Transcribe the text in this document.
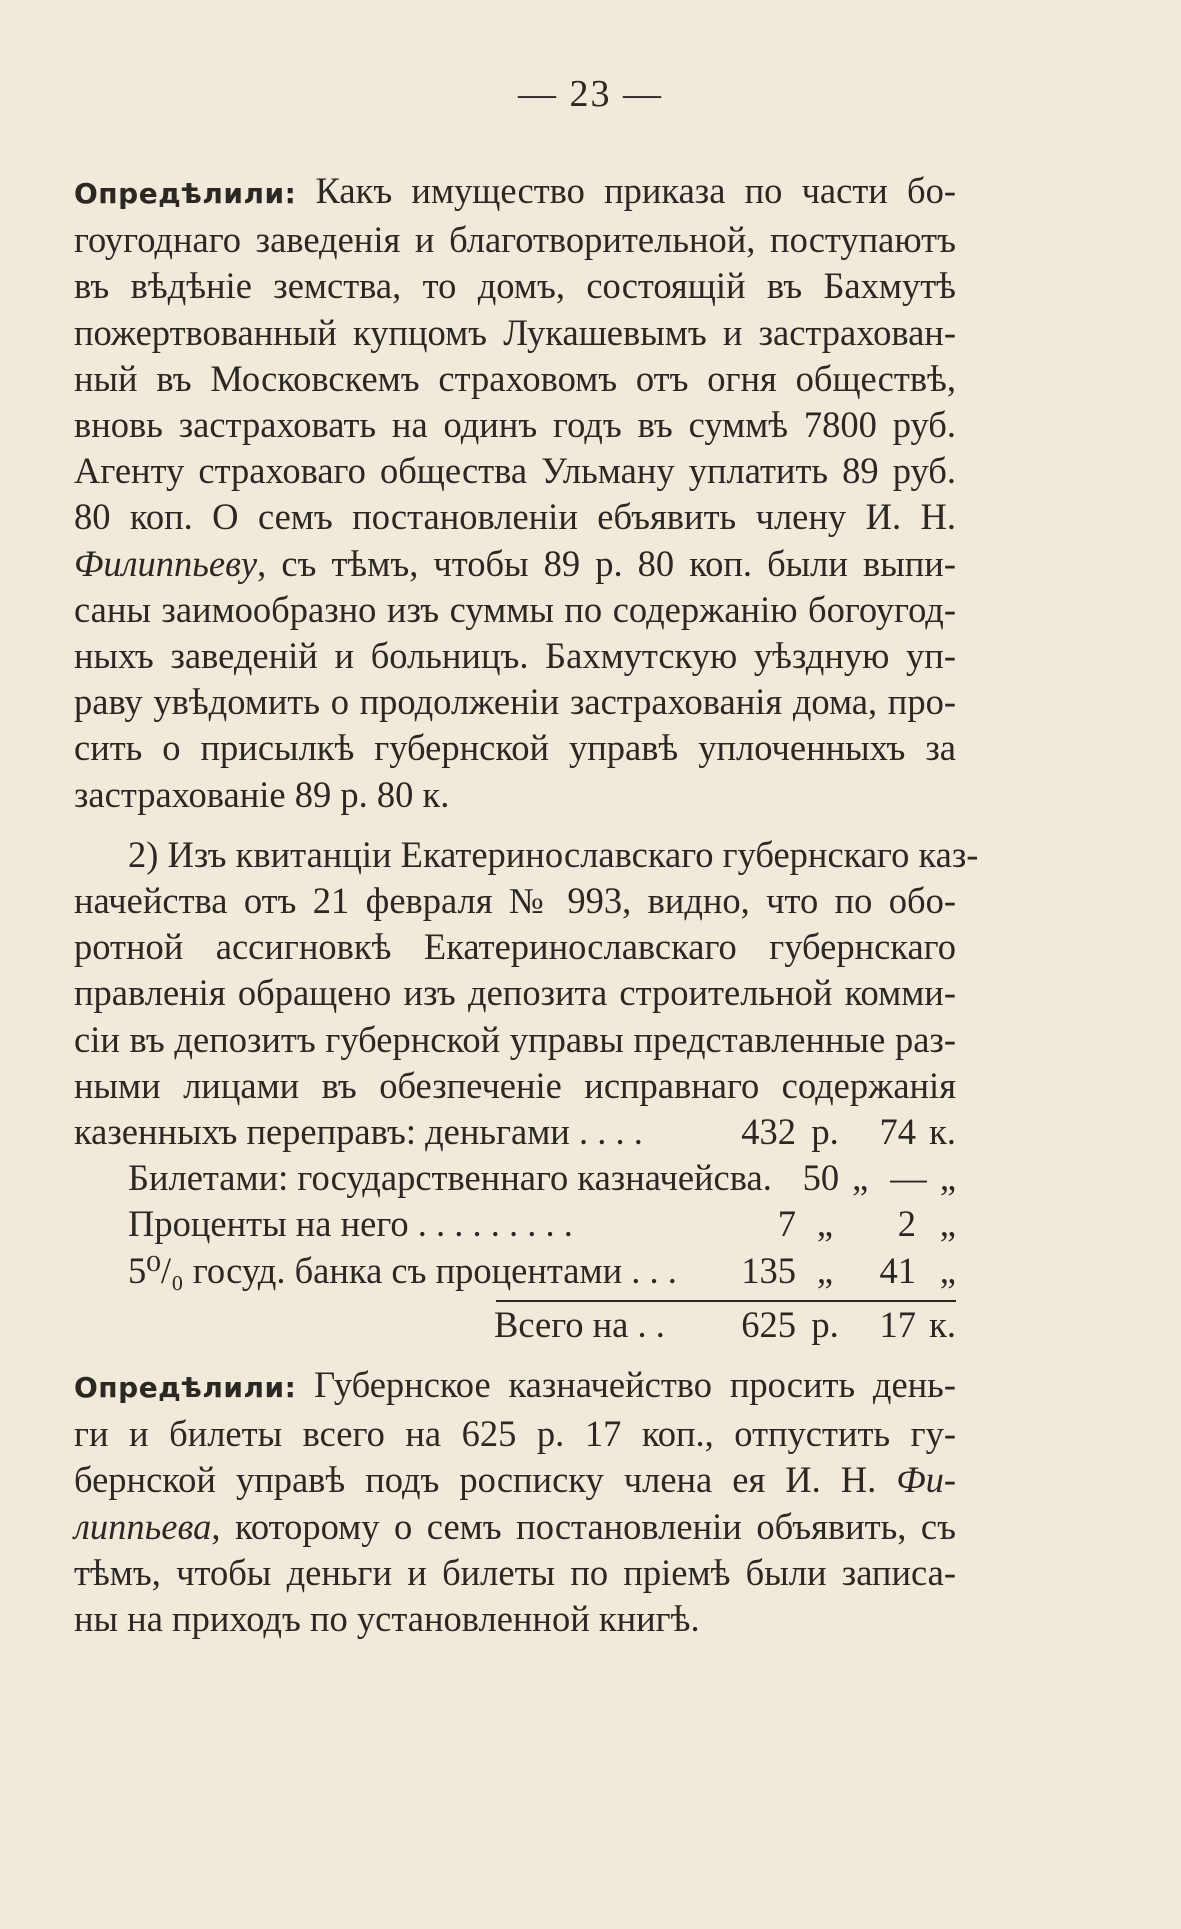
— 23 —
Опредѣлили: Какъ имущество приказа по части бо-
гоугоднаго заведенія и благотворительной, поступаютъ
въ вѣдѣніе земства, то домъ, состоящій въ Бахмутѣ
пожертвованный купцомъ Лукашевымъ и застрахован-
ный въ Московскемъ страховомъ отъ огня обществѣ,
вновь застраховать на одинъ годъ въ суммѣ 7800 руб.
Агенту страховаго общества Ульману уплатить 89 руб.
80 коп. О семъ постановленіи ебъявить члену И. Н.
Филиппьеву, съ тѣмъ, чтобы 89 р. 80 коп. были выпи-
саны заимообразно изъ суммы по содержанію богоугод-
ныхъ заведеній и больницъ. Бахмутскую уѣздную уп-
раву увѣдомить о продолженіи застрахованія дома, про-
сить о присылкѣ губернской управѣ уплоченныхъ за
застрахованіе 89 р. 80 к.
2) Изъ квитанціи Екатеринославскаго губернскаго каз-
начейства отъ 21 февраля № 993, видно, что по обо-
ротной ассигновкѣ Екатеринославскаго губернскаго
правленія обращено изъ депозита строительной комми-
сіи въ депозитъ губернской управы представленные раз-
ными лицами въ обезпеченіе исправнаго содержанія
казенныхъ переправъ: деньгами . . . .	432 р.	74 к.
Билетами: государственнаго казначейсва. 50 „ — „
Проценты на него . . . . . . . . .	7 „	2 „
5⁰/₀ госуд. банка съ процентами . . .	135 „	41 „
Всего на . .	625 р.	17 к.
Опредѣлили: Губернское казначейство просить день-
ги и билеты всего на 625 р. 17 коп., отпустить гу-
бернской управѣ подъ росписку члена ея И. Н. Фи-
липпьева, которому о семъ постановленіи объявить, съ
тѣмъ, чтобы деньги и билеты по пріемѣ были записа-
ны на приходъ по установленной книгѣ.
